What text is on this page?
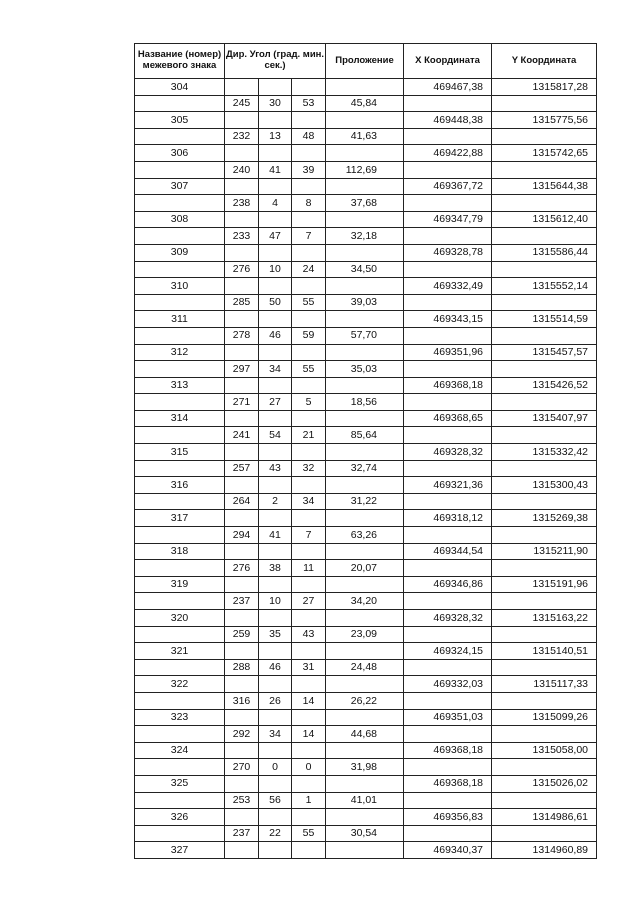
Название (номер) межевого знака	Дир. Угол (град. мин. сек.)			Проложение	X Координата	Y Координата
304					469467,38	1315817,28
	245	30	53	45,84		
305					469448,38	1315775,56
	232	13	48	41,63		
306					469422,88	1315742,65
	240	41	39	112,69		
307					469367,72	1315644,38
	238	4	8	37,68		
308					469347,79	1315612,40
	233	47	7	32,18		
309					469328,78	1315586,44
	276	10	24	34,50		
310					469332,49	1315552,14
	285	50	55	39,03		
311					469343,15	1315514,59
	278	46	59	57,70		
312					469351,96	1315457,57
	297	34	55	35,03		
313					469368,18	1315426,52
	271	27	5	18,56		
314					469368,65	1315407,97
	241	54	21	85,64		
315					469328,32	1315332,42
	257	43	32	32,74		
316					469321,36	1315300,43
	264	2	34	31,22		
317					469318,12	1315269,38
	294	41	7	63,26		
318					469344,54	1315211,90
	276	38	11	20,07		
319					469346,86	1315191,96
	237	10	27	34,20		
320					469328,32	1315163,22
	259	35	43	23,09		
321					469324,15	1315140,51
	288	46	31	24,48		
322					469332,03	1315117,33
	316	26	14	26,22		
323					469351,03	1315099,26
	292	34	14	44,68		
324					469368,18	1315058,00
	270	0	0	31,98		
325					469368,18	1315026,02
	253	56	1	41,01		
326					469356,83	1314986,61
	237	22	55	30,54		
327					469340,37	1314960,89
